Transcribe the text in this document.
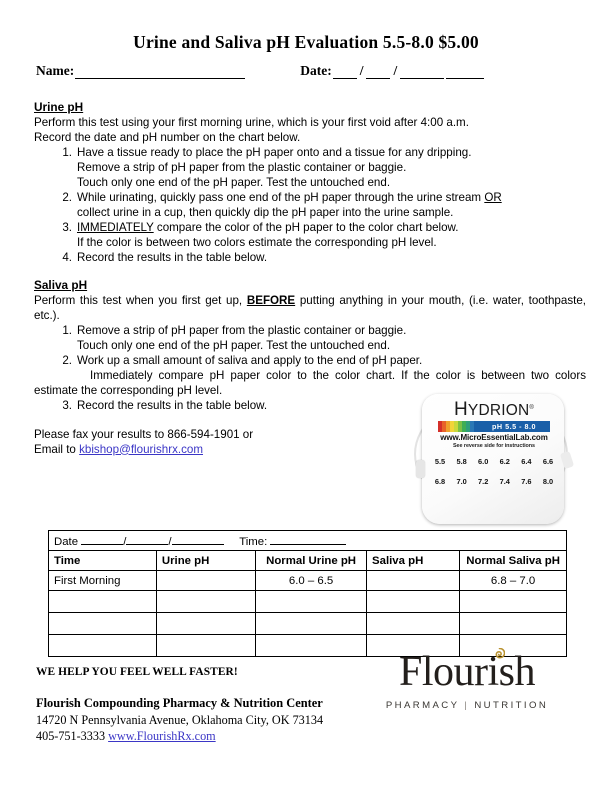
Urine and Saliva pH Evaluation 5.5-8.0 $5.00
Name:	Date: / /
Urine pH
Perform this test using your first morning urine, which is your first void after 4:00 a.m.
Record the date and pH number on the chart below.
1. Have a tissue ready to place the pH paper onto and a tissue for any dripping.
Remove a strip of pH paper from the plastic container or baggie.
Touch only one end of the pH paper. Test the untouched end.
2. While urinating, quickly pass one end of the pH paper through the urine stream OR
collect urine in a cup, then quickly dip the pH paper into the urine sample.
3. IMMEDIATELY compare the color of the pH paper to the color chart below.
If the color is between two colors estimate the corresponding pH level.
4. Record the results in the table below.
Saliva pH
Perform this test when you first get up, BEFORE putting anything in your mouth, (i.e. water, toothpaste, etc.).
1. Remove a strip of pH paper from the plastic container or baggie.
Touch only one end of the pH paper. Test the untouched end.
2. Work up a small amount of saliva and apply to the end of pH paper.
Immediately compare pH paper color to the color chart. If the color is between two colors estimate the corresponding pH level.
3. Record the results in the table below.
Please fax your results to 866-594-1901 or
Email to kbishop@flourishrx.com
HYDRION®
pH 5.5 - 8.0
www.MicroEssentialLab.com
See reverse side for instructions
5.5	5.8	6.0	6.2	6.4	6.6
6.8	7.0	7.2	7.4	7.6	8.0
Date / / Time:				
Time	Urine pH	Normal Urine pH	Saliva pH	Normal Saliva pH
First Morning		6.0 – 6.5		6.8 – 7.0

WE HELP YOU FEEL WELL FASTER!
Flourish Compounding Pharmacy & Nutrition Center
14720 N Pennsylvania Avenue, Oklahoma City, OK 73134
405-751-3333 www.FlourishRx.com
Flourish
PHARMACY | NUTRITION
